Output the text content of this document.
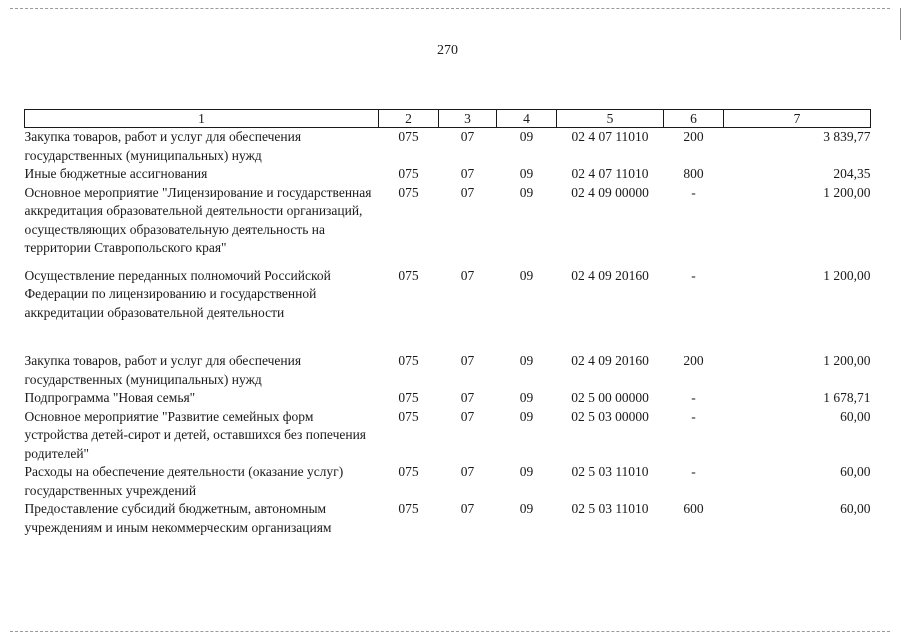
270
1	2	3	4	5	6	7
Закупка товаров, работ и услуг для обеспечения государственных (муниципальных) нужд	075	07	09	02 4 07 11010	200	3 839,77
Иные бюджетные ассигнования	075	07	09	02 4 07 11010	800	204,35
Основное мероприятие "Лицензирование и государственная аккредитация образовательной деятельности организаций, осуществляющих образовательную деятельность на территории Ставропольского края"	075	07	09	02 4 09 00000	-	1 200,00
Осуществление переданных полномочий Российской Федерации по лицензированию и государственной аккредитации образовательной деятельности	075	07	09	02 4 09 20160	-	1 200,00
Закупка товаров, работ и услуг для обеспечения государственных (муниципальных) нужд	075	07	09	02 4 09 20160	200	1 200,00
Подпрограмма "Новая семья"	075	07	09	02 5 00 00000	-	1 678,71
Основное мероприятие "Развитие семейных форм устройства детей-сирот и детей, оставшихся без попечения родителей"	075	07	09	02 5 03 00000	-	60,00
Расходы на обеспечение деятельности (оказание услуг) государственных учреждений	075	07	09	02 5 03 11010	-	60,00
Предоставление субсидий бюджетным, автономным учреждениям и иным некоммерческим организациям	075	07	09	02 5 03 11010	600	60,00
